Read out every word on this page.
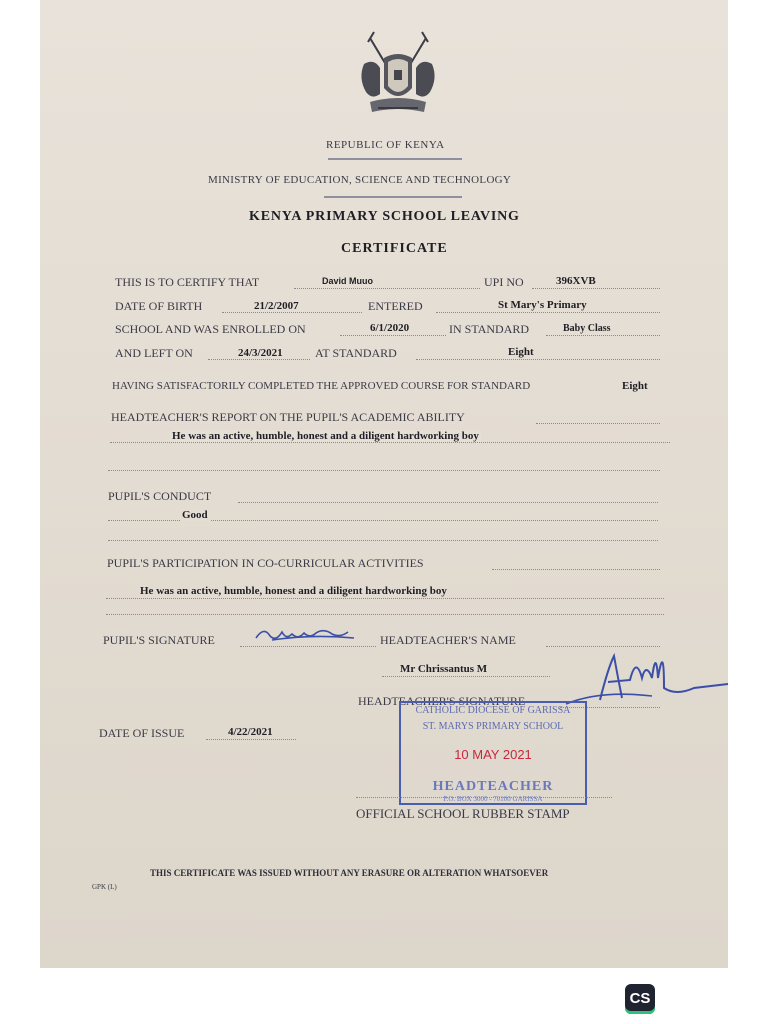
REPUBLIC OF KENYA
MINISTRY OF EDUCATION, SCIENCE AND TECHNOLOGY
KENYA PRIMARY SCHOOL LEAVING
CERTIFICATE
THIS IS TO CERTIFY THAT	David Muuo	UPI NO	396XVB
DATE OF BIRTH	21/2/2007	ENTERED	St Mary's Primary
SCHOOL AND WAS ENROLLED ON	6/1/2020	IN STANDARD	Baby Class
AND LEFT ON	24/3/2021	AT STANDARD	Eight
HAVING SATISFACTORILY COMPLETED THE APPROVED COURSE FOR STANDARD	Eight
HEADTEACHER'S REPORT ON THE PUPIL'S ACADEMIC ABILITY
He was an active, humble, honest and a diligent hardworking boy
PUPIL'S CONDUCT
Good
PUPIL'S PARTICIPATION IN CO-CURRICULAR ACTIVITIES
He was an active, humble, honest and a diligent hardworking boy
PUPIL'S SIGNATURE	HEADTEACHER'S NAME
Mr Chrissantus M
HEADTEACHER'S SIGNATURE
DATE OF ISSUE	4/22/2021
CATHOLIC DIOCESE OF GARISSA
ST. MARYS PRIMARY SCHOOL
10 MAY 2021
HEADTEACHER
P.O. BOX 3000 - 70100 GARISSA
OFFICIAL SCHOOL RUBBER STAMP
THIS CERTIFICATE WAS ISSUED WITHOUT ANY ERASURE OR ALTERATION WHATSOEVER
GPK (L)
CS
